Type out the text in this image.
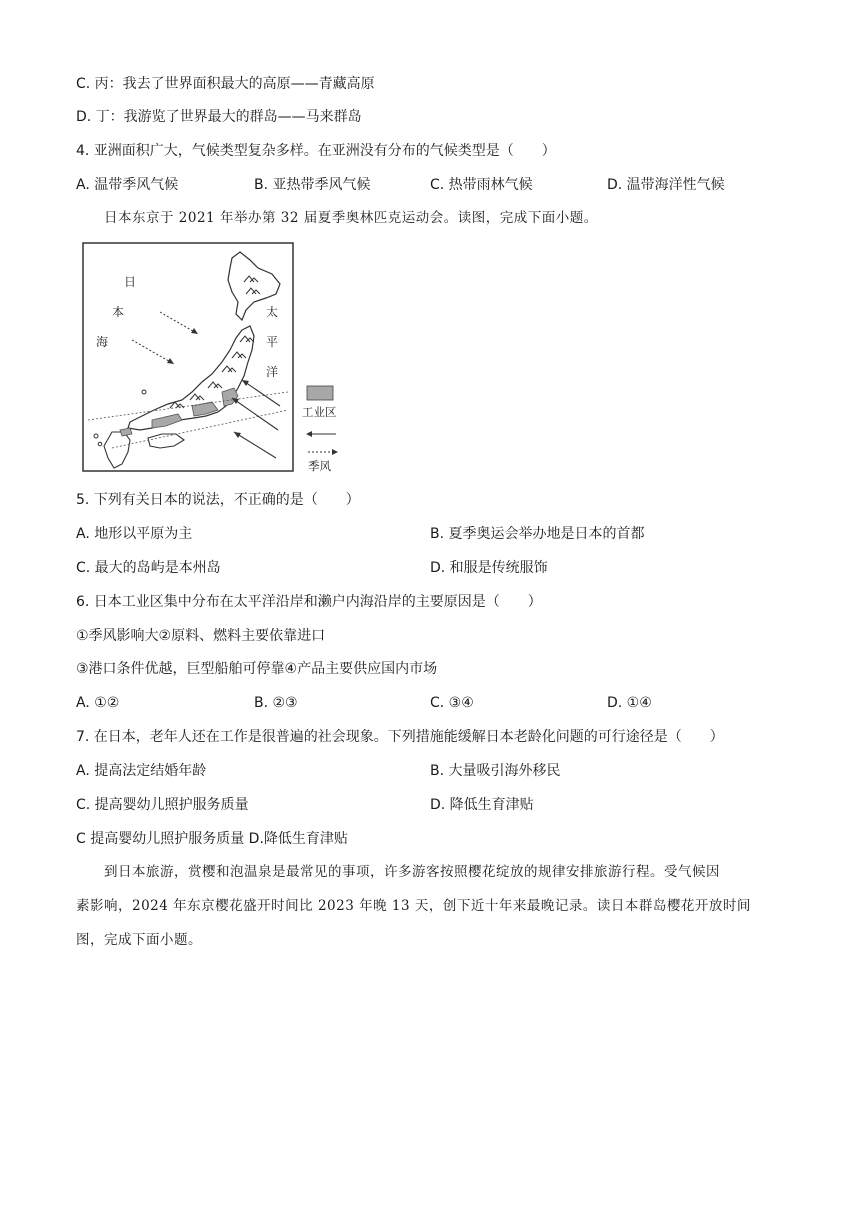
C. 丙：我去了世界面积最大的高原——青藏高原
D. 丁：我游览了世界最大的群岛——马来群岛
4. 亚洲面积广大，气候类型复杂多样。在亚洲没有分布的气候类型是（　　）
A. 温带季风气候	B. 亚热带季风气候	C. 热带雨林气候	D. 温带海洋性气候
日本东京于 2021 年举办第 32 届夏季奥林匹克运动会。读图，完成下面小题。
日
本
海
太
平
洋
工业区
季风
5. 下列有关日本的说法，不正确的是（　　）
A. 地形以平原为主	B. 夏季奥运会举办地是日本的首都
C. 最大的岛屿是本州岛	D. 和服是传统服饰
6. 日本工业区集中分布在太平洋沿岸和濑户内海沿岸的主要原因是（　　）
①季风影响大②原料、燃料主要依靠进口
③港口条件优越，巨型船舶可停靠④产品主要供应国内市场
A. ①②	B. ②③	C. ③④	D. ①④
7. 在日本，老年人还在工作是很普遍的社会现象。下列措施能缓解日本老龄化问题的可行途径是（　　）
A. 提高法定结婚年龄	B. 大量吸引海外移民
C. 提高婴幼儿照护服务质量	D. 降低生育津贴
C 提高婴幼儿照护服务质量 D.降低生育津贴
到日本旅游，赏樱和泡温泉是最常见的事项，许多游客按照樱花绽放的规律安排旅游行程。受气候因
素影响，2024 年东京樱花盛开时间比 2023 年晚 13 天，创下近十年来最晚记录。读日本群岛樱花开放时间
图，完成下面小题。
